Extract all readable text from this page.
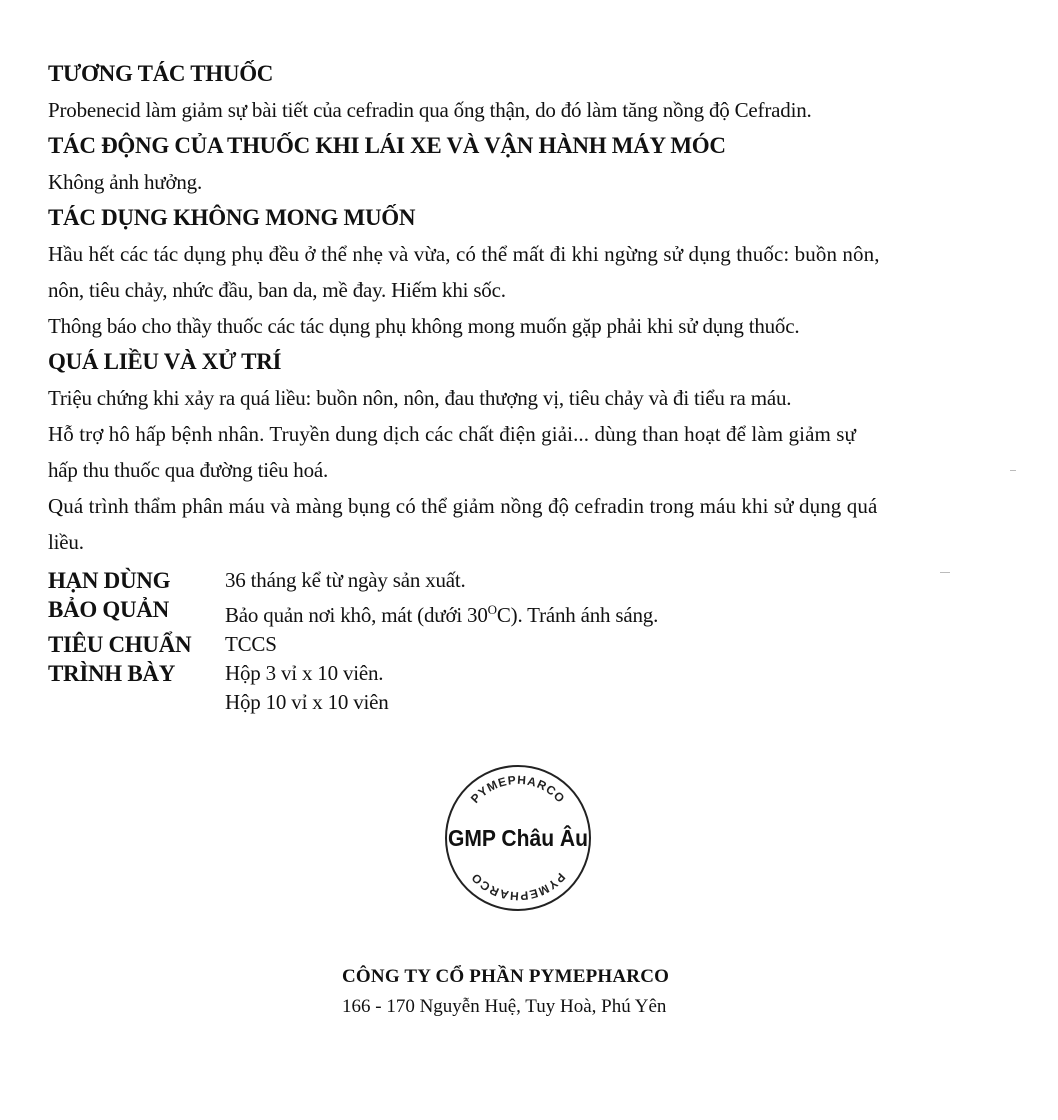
TƯƠNG TÁC THUỐC

Probenecid làm giảm sự bài tiết của cefradin qua ống thận, do đó làm tăng nồng độ Cefradin.

TÁC ĐỘNG CỦA THUỐC KHI LÁI XE VÀ VẬN HÀNH MÁY MÓC

Không ảnh hưởng.

TÁC DỤNG KHÔNG MONG MUỐN

Hầu hết các tác dụng phụ đều ở thể nhẹ và vừa, có thể mất đi khi ngừng sử dụng thuốc: buồn nôn,

nôn, tiêu chảy, nhức đầu, ban da, mề đay. Hiếm khi sốc.

Thông báo cho thầy thuốc các tác dụng phụ không mong muốn gặp phải khi sử dụng thuốc.

QUÁ LIỀU VÀ XỬ TRÍ

Triệu chứng khi xảy ra quá liều: buồn nôn, nôn, đau thượng vị, tiêu chảy và đi tiểu ra máu.

Hỗ trợ hô hấp bệnh nhân. Truyền dung dịch các chất điện giải... dùng than hoạt để làm giảm sự

hấp thu thuốc qua đường tiêu hoá.

Quá trình thẩm phân máu và màng bụng có thể giảm nồng độ cefradin trong máu khi sử dụng quá

liều.

HẠN DÙNG	36 tháng kể từ ngày sản xuất.
BẢO QUẢN	Bảo quản nơi khô, mát (dưới $30^OC$). Tránh ánh sáng.
TIÊU CHUẨN	TCCS
TRÌNH BÀY	Hộp 3 vỉ x 10 viên.
Hộp 10 vỉ x 10 viên
PYMEPHARCO
GMP Châu Âu
PYMEPHARCO
CÔNG TY CỔ PHẦN PYMEPHARCO
166 - 170 Nguyễn Huệ, Tuy Hoà, Phú Yên
